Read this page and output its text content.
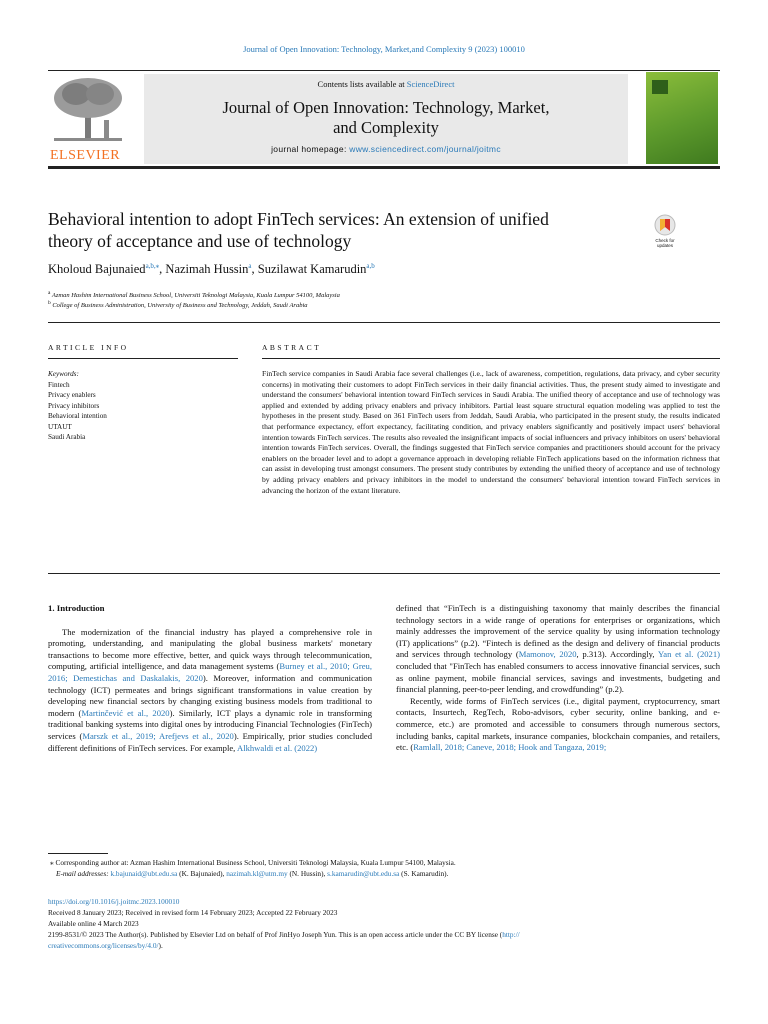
Journal of Open Innovation: Technology, Market,and Complexity 9 (2023) 100010
ELSEVIER
Contents lists available at ScienceDirect
Journal of Open Innovation: Technology, Market,
and Complexity
journal homepage: www.sciencedirect.com/journal/joitmc
Behavioral intention to adopt FinTech services: An extension of unified
theory of acceptance and use of technology	Check for
updates
Kholoud Bajunaied$^{a,b,⁎}$, Nazimah Hussin$^a$, Suzilawat Kamarudin$^{a,b}$
$^a$ Azman Hashim International Business School, Universiti Teknologi Malaysia, Kuala Lumpur 54100, Malaysia
$^b$ College of Business Administration, University of Business and Technology, Jeddah, Saudi Arabia
ARTICLE INFO	ABSTRACT
Keywords:
Fintech
Privacy enablers
Privacy inhibitors
Behavioral intention
UTAUT
Saudi Arabia
FinTech service companies in Saudi Arabia face several challenges (i.e., lack of awareness, competition, regulations, data privacy, and cyber security concerns) in motivating their customers to adopt FinTech services in their daily financial activities. Thus, the present study aimed to investigate and understand the consumers' behavioral intention toward FinTech services in Saudi Arabia. The unified theory of acceptance and use of technology was applied and extended by adding privacy enablers and privacy inhibitors. Partial least square structural equation modeling was applied to test the hypotheses in the present study. Based on 361 FinTech users from Jeddah, Saudi Arabia, who participated in the present study, the results indicated that performance expectancy, effort expectancy, facilitating condition, and privacy enablers significantly and positively impact users' behavioral intention towards FinTech services. The results also revealed the insignificant impacts of social influencers and privacy inhibitors on users' behavioral intention towards FinTech services. Overall, the findings suggested that FinTech service companies and practitioners should account for the privacy enablers on the broader level and to adopt a governance approach in developing reliable FinTech applications based on the information richness that can assist in developing trust amongst consumers. The present study contributes by extending the unified theory of acceptance and use of technology by adding privacy enablers and privacy inhibitors in the model to understand the consumers' behavioral intention toward FinTech services in advancing the horizon of the extant literature.

1. Introduction

The modernization of the financial industry has played a comprehensive role in promoting, understanding, and manipulating the global business markets' monetary transactions to become more effective, better, and quick ways through telecommunication, computing, artificial intelligence, and data management systems (Burney et al., 2010; Greu, 2016; Demestichas and Daskalakis, 2020). Moreover, information and communication technology (ICT) permeates and brings significant transformations in value creation by developing new financial sectors by changing existing business models from traditional to modern (Martinčević et al., 2020). Similarly, ICT plays a dynamic role in transforming traditional banking systems into digital ones by introducing Financial Technologies (FinTech) services (Marszk et al., 2019; Arefjevs et al., 2020). Empirically, prior studies concluded different definitions of FinTech services. For example, Alkhwaldi et al. (2022)

defined that “FinTech is a distinguishing taxonomy that mainly describes the financial technology sectors in a wide range of operations for enterprises or organizations, which mainly addresses the improvement of the service quality by using information technology (IT) applications” (p.2). “Fintech is defined as the design and delivery of financial products and services through technology (Mamonov, 2020, p.313). Accordingly, Yan et al. (2021) concluded that "FinTech has enabled consumers to access innovative financial services, such as online payment, mobile financial services, savings and investments, budgeting and financial planning, peer-to-peer lending, and crowdfunding” (p.2).

Recently, wide forms of FinTech services (i.e., digital payment, cryptocurrency, smart contacts, Insurtech, RegTech, Robo-advisors, cyber security, online banking, and e-commerce, etc.) are promoted and accessible to consumers through numerous sectors, including banks, capital markets, insurance companies, blockchain companies, and retailers, etc. (Ramlall, 2018; Caneve, 2018; Hook and Tangaza, 2019;

⁎ Corresponding author at: Azman Hashim International Business School, Universiti Teknologi Malaysia, Kuala Lumpur 54100, Malaysia.
E-mail addresses: k.bajunaid@ubt.edu.sa (K. Bajunaied), nazimah.kl@utm.my (N. Hussin), s.kamarudin@ubt.edu.sa (S. Kamarudin).
https://doi.org/10.1016/j.joitmc.2023.100010
Received 8 January 2023; Received in revised form 14 February 2023; Accepted 22 February 2023
Available online 4 March 2023
2199-8531/© 2023 The Author(s). Published by Elsevier Ltd on behalf of Prof JinHyo Joseph Yun. This is an open access article under the CC BY license (http://
creativecommons.org/licenses/by/4.0/).
